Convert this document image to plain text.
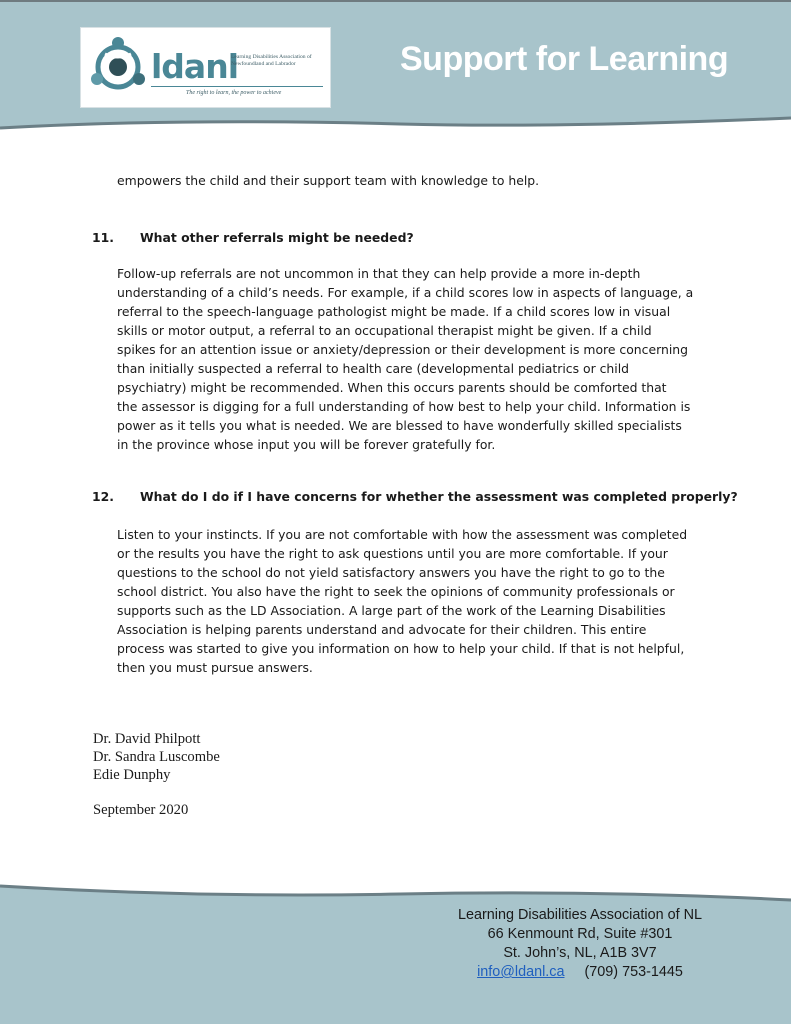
ldanl
Learning Disabilities Association of Newfoundland and Labrador
The right to learn, the power to achieve
Support for Learning

empowers the child and their support team with knowledge to help.

11. What other referrals might be needed?
Follow-up referrals are not uncommon in that they can help provide a more in-depth
understanding of a child’s needs. For example, if a child scores low in aspects of language, a
referral to the speech-language pathologist might be made. If a child scores low in visual
skills or motor output, a referral to an occupational therapist might be given. If a child
spikes for an attention issue or anxiety/depression or their development is more concerning
than initially suspected a referral to health care (developmental pediatrics or child
psychiatry) might be recommended. When this occurs parents should be comforted that
the assessor is digging for a full understanding of how best to help your child. Information is
power as it tells you what is needed. We are blessed to have wonderfully skilled specialists
in the province whose input you will be forever gratefully for.
12. What do I do if I have concerns for whether the assessment was completed properly?
Listen to your instincts. If you are not comfortable with how the assessment was completed
or the results you have the right to ask questions until you are more comfortable. If your
questions to the school do not yield satisfactory answers you have the right to go to the
school district. You also have the right to seek the opinions of community professionals or
supports such as the LD Association. A large part of the work of the Learning Disabilities
Association is helping parents understand and advocate for their children. This entire
process was started to give you information on how to help your child. If that is not helpful,
then you must pursue answers.
Dr. David Philpott
Dr. Sandra Luscombe
Edie Dunphy
September 2020
Learning Disabilities Association of NL
66 Kenmount Rd, Suite #301
St. John’s, NL, A1B 3V7
info@ldanl.ca (709) 753-1445
